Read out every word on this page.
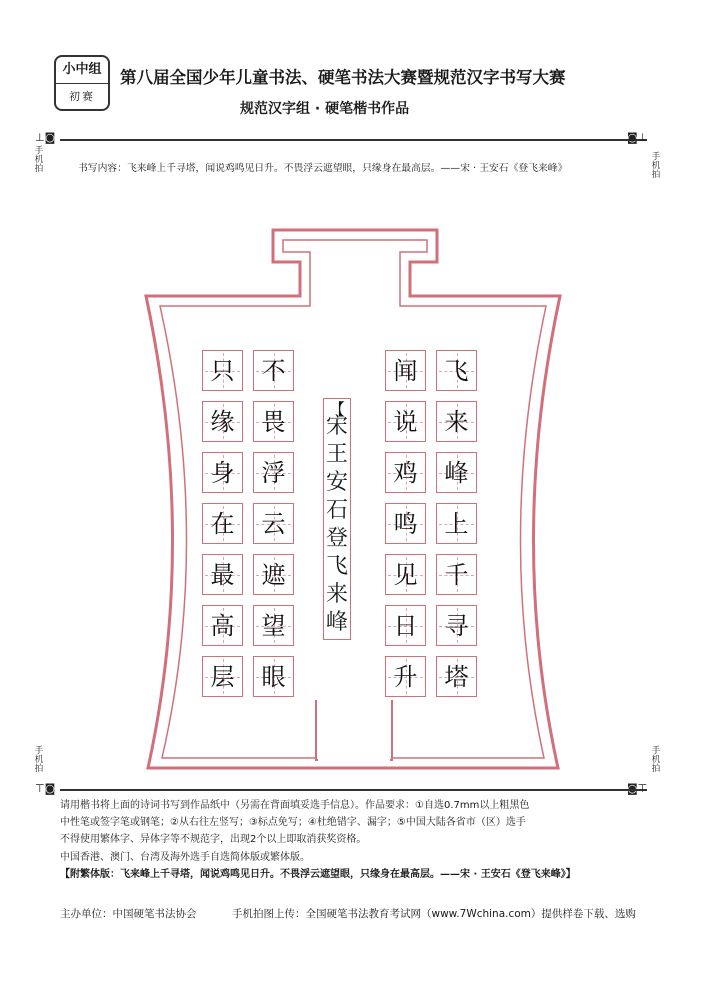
小中组
初赛
第八届全国少年儿童书法、硬笔书法大赛暨规范汉字书写大赛
规范汉字组 · 硬笔楷书作品
⊥◙	◙⊥
手机拍
手机拍
书写内容：飞来峰上千寻塔，闻说鸡鸣见日升。不畏浮云遮望眼，只缘身在最高层。——宋 · 王安石《登飞来峰》
飞
来
峰
上
千
寻
塔
闻
说
鸡
鸣
见
日
升
不
畏
浮
云
遮
望
眼
只
缘
身
在
最
高
层
【
宋
王
安
石
登
飞
来
峰
手机拍
手机拍
⊤◙	◙⊤
请用楷书将上面的诗词书写到作品纸中（另需在背面填妥选手信息）。作品要求：①自选0.7mm以上粗黑色
中性笔或签字笔或钢笔；②从右往左竖写；③标点免写；④杜绝错字、漏字；⑤中国大陆各省市（区）选手
不得使用繁体字、异体字等不规范字，出现2个以上即取消获奖资格。
中国香港、澳门、台湾及海外选手自选简体版或繁体版。
【附繁体版：飞来峰上千寻塔，闻说鸡鸣见日升。不畏浮云遮望眼，只缘身在最高层。——宋 · 王安石《登飞来峰》】
主办单位：中国硬笔书法协会	手机拍图上传：全国硬笔书法教育考试网（www.7Wchina.com）提供样卷下载、选购
